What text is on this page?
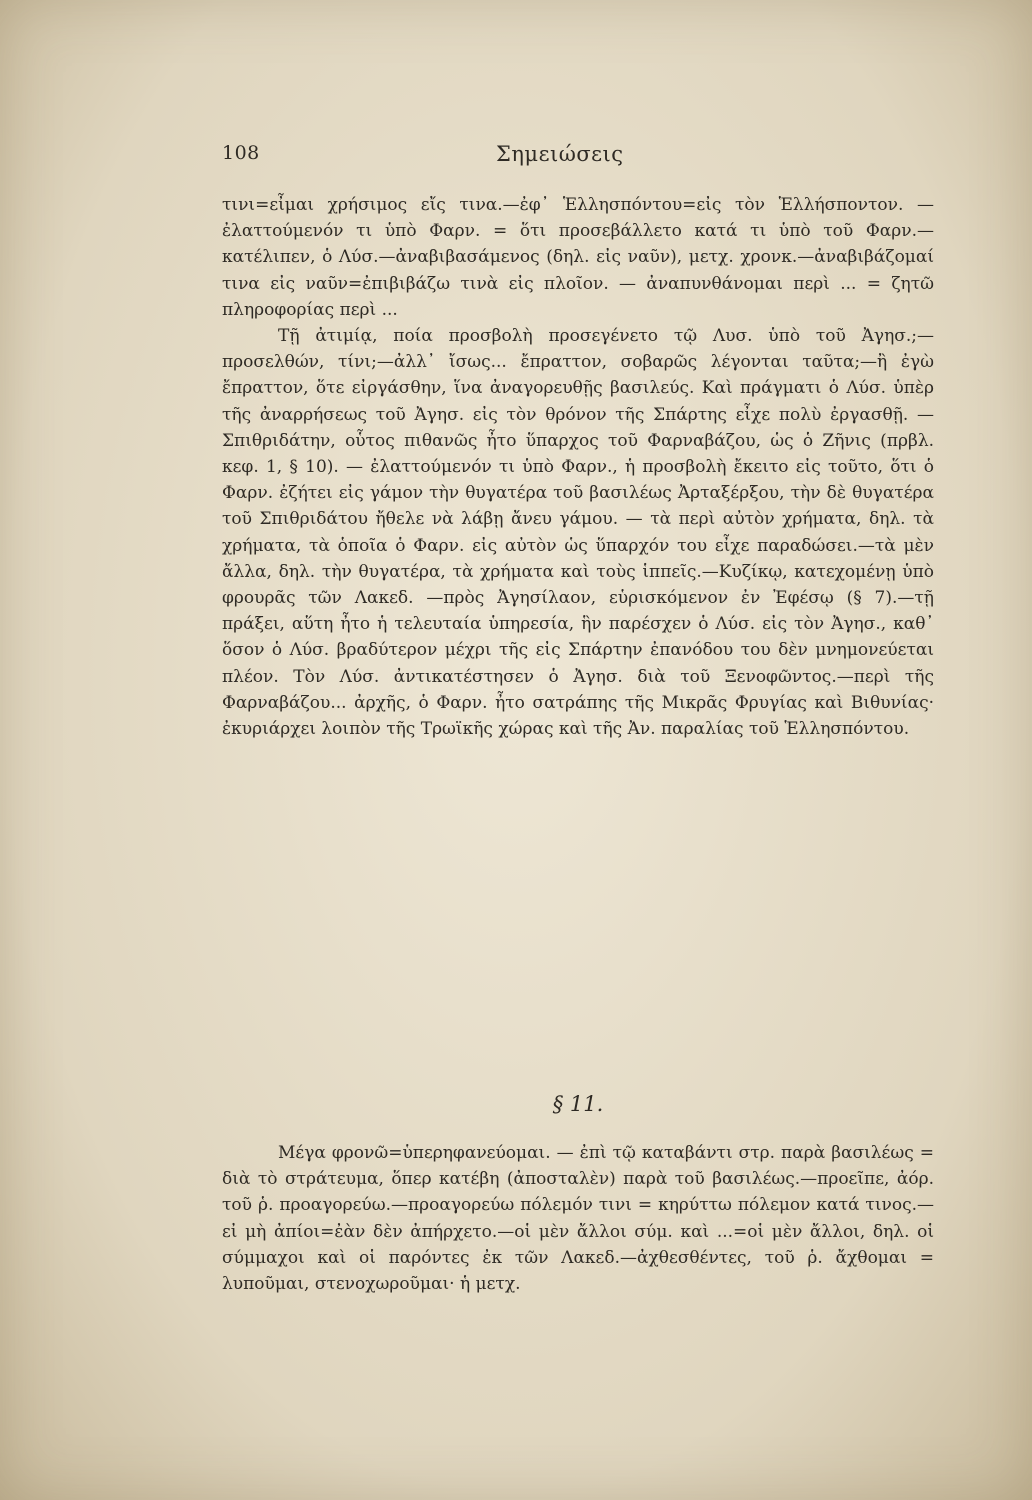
108	Σημειώσεις

τινι=εἶμαι χρήσιμος εἴς τινα.—ἐφ᾽ Ἑλλησπόντου=εἰς τὸν Ἑλλήσποντον. — ἐλαττούμενόν τι ὑπὸ Φαρν. = ὅτι προσεβάλλετο κατά τι ὑπὸ τοῦ Φαρν.—κατέλιπεν, ὁ Λύσ.—ἀναβιβασάμενος (δηλ. εἰς ναῦν), μετχ. χρονκ.—ἀναβιβάζομαί τινα εἰς ναῦν=ἐπιβιβάζω τινὰ εἰς πλοῖον. — ἀναπυνθάνομαι περὶ ... = ζητῶ πληροφορίας περὶ ...

Τῇ ἀτιμίᾳ, ποία προσβολὴ προσεγένετο τῷ Λυσ. ὑπὸ τοῦ Ἀγησ.;—προσελθών, τίνι;—ἀλλ᾽ ἴσως... ἔπραττον, σοβαρῶς λέγονται ταῦτα;—ἢ ἐγὼ ἔπραττον, ὅτε εἰργάσθην, ἵνα ἀναγορευθῇς βασιλεύς. Καὶ πράγματι ὁ Λύσ. ὑπὲρ τῆς ἀναρρήσεως τοῦ Ἀγησ. εἰς τὸν θρόνον τῆς Σπάρτης εἶχε πολὺ ἐργασθῇ. — Σπιθριδάτην, οὗτος πιθανῶς ἦτο ὕπαρχος τοῦ Φαρναβάζου, ὡς ὁ Ζῆνις (πρβλ. κεφ. 1, § 10). — ἐλαττούμενόν τι ὑπὸ Φαρν., ἡ προσβολὴ ἔκειτο εἰς τοῦτο, ὅτι ὁ Φαρν. ἐζήτει εἰς γάμον τὴν θυγατέρα τοῦ βασιλέως Ἀρταξέρξου, τὴν δὲ θυγατέρα τοῦ Σπιθριδάτου ἤθελε νὰ λάβῃ ἄνευ γάμου. — τὰ περὶ αὐτὸν χρήματα, δηλ. τὰ χρήματα, τὰ ὁποῖα ὁ Φαρν. εἰς αὐτὸν ὡς ὕπαρχόν του εἶχε παραδώσει.—τὰ μὲν ἄλλα, δηλ. τὴν θυγατέρα, τὰ χρήματα καὶ τοὺς ἱππεῖς.—Κυζίκῳ, κατεχομένῃ ὑπὸ φρουρᾶς τῶν Λακεδ. —πρὸς Ἀγησίλαον, εὑρισκόμενον ἐν Ἐφέσῳ (§ 7).—τῇ πράξει, αὕτη ἦτο ἡ τελευταία ὑπηρεσία, ἣν παρέσχεν ὁ Λύσ. εἰς τὸν Ἀγησ., καθ᾽ ὅσον ὁ Λύσ. βραδύτερον μέχρι τῆς εἰς Σπάρτην ἐπανόδου του δὲν μνημονεύεται πλέον. Τὸν Λύσ. ἀντικατέστησεν ὁ Ἀγησ. διὰ τοῦ Ξενοφῶντος.—περὶ τῆς Φαρναβάζου... ἀρχῆς, ὁ Φαρν. ἦτο σατράπης τῆς Μικρᾶς Φρυγίας καὶ Βιθυνίας· ἐκυριάρχει λοιπὸν τῆς Τρωϊκῆς χώρας καὶ τῆς Ἀν. παραλίας τοῦ Ἑλλησπόντου.

§ 11.

Μέγα φρονῶ=ὑπερηφανεύομαι. — ἐπὶ τῷ καταβάντι στρ. παρὰ βασιλέως = διὰ τὸ στράτευμα, ὅπερ κατέβη (ἀποσταλὲν) παρὰ τοῦ βασιλέως.—προεῖπε, ἀόρ. τοῦ ῥ. προαγορεύω.—προαγορεύω πόλεμόν τινι = κηρύττω πόλεμον κατά τινος.— εἰ μὴ ἀπίοι=ἐὰν δὲν ἀπήρχετο.—οἱ μὲν ἄλλοι σύμ. καὶ ...=οἱ μὲν ἄλλοι, δηλ. οἱ σύμμαχοι καὶ οἱ παρόντες ἐκ τῶν Λακεδ.—ἀχθεσθέντες, τοῦ ῥ. ἄχθομαι = λυποῦμαι, στενοχωροῦμαι· ἡ μετχ.
